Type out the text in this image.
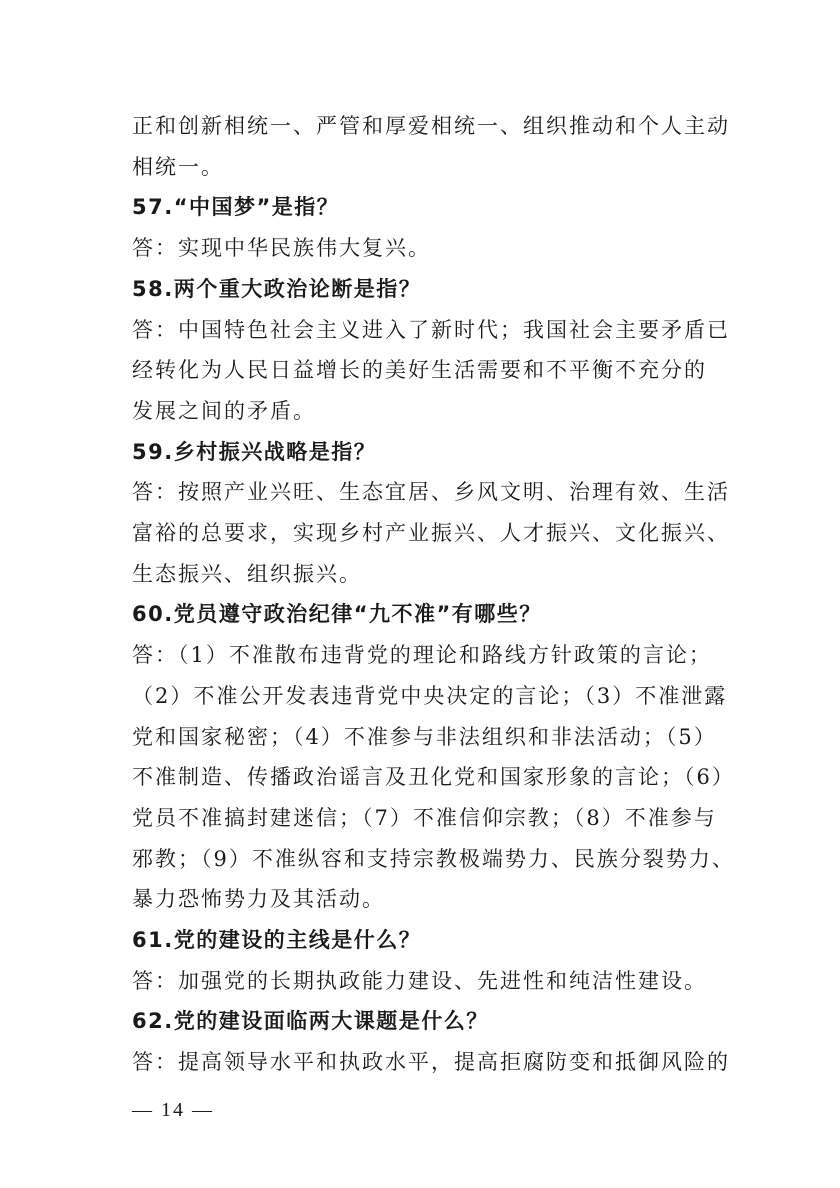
正和创新相统一、严管和厚爱相统一、组织推动和个人主动

相统一。

57.“中国梦”是指？

答：实现中华民族伟大复兴。

58.两个重大政治论断是指？

答：中国特色社会主义进入了新时代；我国社会主要矛盾已

经转化为人民日益增长的美好生活需要和不平衡不充分的

发展之间的矛盾。

59.乡村振兴战略是指？

答：按照产业兴旺、生态宜居、乡风文明、治理有效、生活

富裕的总要求，实现乡村产业振兴、人才振兴、文化振兴、

生态振兴、组织振兴。

60.党员遵守政治纪律“九不准”有哪些？

答：（1）不准散布违背党的理论和路线方针政策的言论；

（2）不准公开发表违背党中央决定的言论；（3）不准泄露

党和国家秘密；（4）不准参与非法组织和非法活动；（5）

不准制造、传播政治谣言及丑化党和国家形象的言论；（6）

党员不准搞封建迷信；（7）不准信仰宗教；（8）不准参与

邪教；（9）不准纵容和支持宗教极端势力、民族分裂势力、

暴力恐怖势力及其活动。

61.党的建设的主线是什么？

答：加强党的长期执政能力建设、先进性和纯洁性建设。

62.党的建设面临两大课题是什么？

答：提高领导水平和执政水平，提高拒腐防变和抵御风险的

— 14 —
